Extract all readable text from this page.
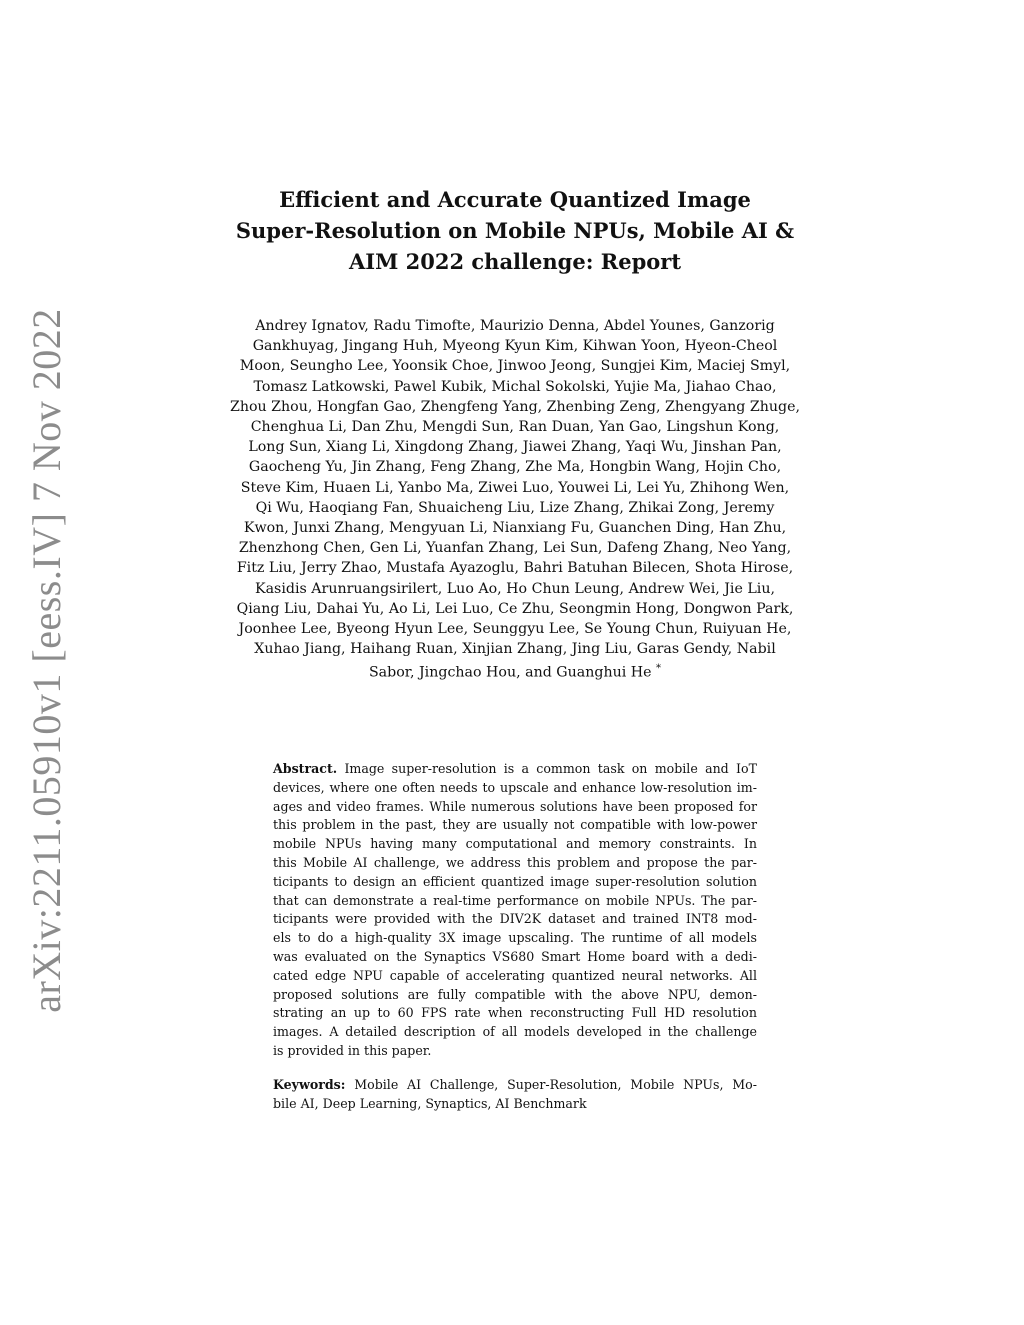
arXiv:2211.05910v1 [eess.IV] 7 Nov 2022
Efficient and Accurate Quantized Image
Super-Resolution on Mobile NPUs, Mobile AI &
AIM 2022 challenge: Report
Andrey Ignatov, Radu Timofte, Maurizio Denna, Abdel Younes, Ganzorig
Gankhuyag, Jingang Huh, Myeong Kyun Kim, Kihwan Yoon, Hyeon-Cheol
Moon, Seungho Lee, Yoonsik Choe, Jinwoo Jeong, Sungjei Kim, Maciej Smyl,
Tomasz Latkowski, Pawel Kubik, Michal Sokolski, Yujie Ma, Jiahao Chao,
Zhou Zhou, Hongfan Gao, Zhengfeng Yang, Zhenbing Zeng, Zhengyang Zhuge,
Chenghua Li, Dan Zhu, Mengdi Sun, Ran Duan, Yan Gao, Lingshun Kong,
Long Sun, Xiang Li, Xingdong Zhang, Jiawei Zhang, Yaqi Wu, Jinshan Pan,
Gaocheng Yu, Jin Zhang, Feng Zhang, Zhe Ma, Hongbin Wang, Hojin Cho,
Steve Kim, Huaen Li, Yanbo Ma, Ziwei Luo, Youwei Li, Lei Yu, Zhihong Wen,
Qi Wu, Haoqiang Fan, Shuaicheng Liu, Lize Zhang, Zhikai Zong, Jeremy
Kwon, Junxi Zhang, Mengyuan Li, Nianxiang Fu, Guanchen Ding, Han Zhu,
Zhenzhong Chen, Gen Li, Yuanfan Zhang, Lei Sun, Dafeng Zhang, Neo Yang,
Fitz Liu, Jerry Zhao, Mustafa Ayazoglu, Bahri Batuhan Bilecen, Shota Hirose,
Kasidis Arunruangsirilert, Luo Ao, Ho Chun Leung, Andrew Wei, Jie Liu,
Qiang Liu, Dahai Yu, Ao Li, Lei Luo, Ce Zhu, Seongmin Hong, Dongwon Park,
Joonhee Lee, Byeong Hyun Lee, Seunggyu Lee, Se Young Chun, Ruiyuan He,
Xuhao Jiang, Haihang Ruan, Xinjian Zhang, Jing Liu, Garas Gendy, Nabil
Sabor, Jingchao Hou, and Guanghui He *
Abstract. Image super-resolution is a common task on mobile and IoT
devices, where one often needs to upscale and enhance low-resolution im-
ages and video frames. While numerous solutions have been proposed for
this problem in the past, they are usually not compatible with low-power
mobile NPUs having many computational and memory constraints. In
this Mobile AI challenge, we address this problem and propose the par-
ticipants to design an efficient quantized image super-resolution solution
that can demonstrate a real-time performance on mobile NPUs. The par-
ticipants were provided with the DIV2K dataset and trained INT8 mod-
els to do a high-quality 3X image upscaling. The runtime of all models
was evaluated on the Synaptics VS680 Smart Home board with a dedi-
cated edge NPU capable of accelerating quantized neural networks. All
proposed solutions are fully compatible with the above NPU, demon-
strating an up to 60 FPS rate when reconstructing Full HD resolution
images. A detailed description of all models developed in the challenge
is provided in this paper.
Keywords: Mobile AI Challenge, Super-Resolution, Mobile NPUs, Mo-
bile AI, Deep Learning, Synaptics, AI Benchmark
